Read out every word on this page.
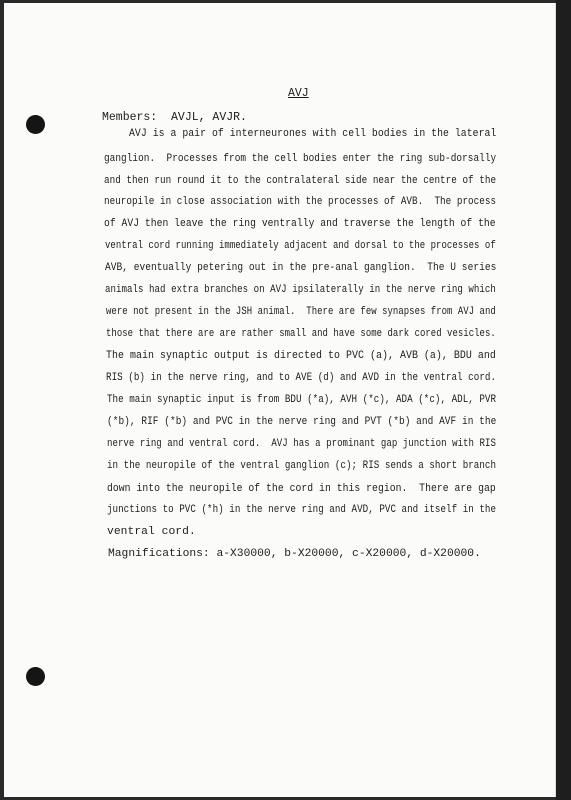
AVJ
Members:  AVJL, AVJR.
AVJ is a pair of interneurones with cell bodies in the lateral
ganglion.  Processes from the cell bodies enter the ring sub-dorsally
and then run round it to the contralateral side near the centre of the
neuropile in close association with the processes of AVB.  The process
of AVJ then leave the ring ventrally and traverse the length of the
ventral cord running immediately adjacent and dorsal to the processes of
AVB, eventually petering out in the pre-anal ganglion.  The U series
animals had extra branches on AVJ ipsilaterally in the nerve ring which
were not present in the JSH animal.  There are few synapses from AVJ and
those that there are are rather small and have some dark cored vesicles.
The main synaptic output is directed to PVC (a), AVB (a), BDU and
RIS (b) in the nerve ring, and to AVE (d) and AVD in the ventral cord.
The main synaptic input is from BDU (*a), AVH (*c), ADA (*c), ADL, PVR
(*b), RIF (*b) and PVC in the nerve ring and PVT (*b) and AVF in the
nerve ring and ventral cord.  AVJ has a prominant gap junction with RIS
in the neuropile of the ventral ganglion (c); RIS sends a short branch
down into the neuropile of the cord in this region.  There are gap
junctions to PVC (*h) in the nerve ring and AVD, PVC and itself in the
ventral cord.
Magnifications: a-X30000, b-X20000, c-X20000, d-X20000.
